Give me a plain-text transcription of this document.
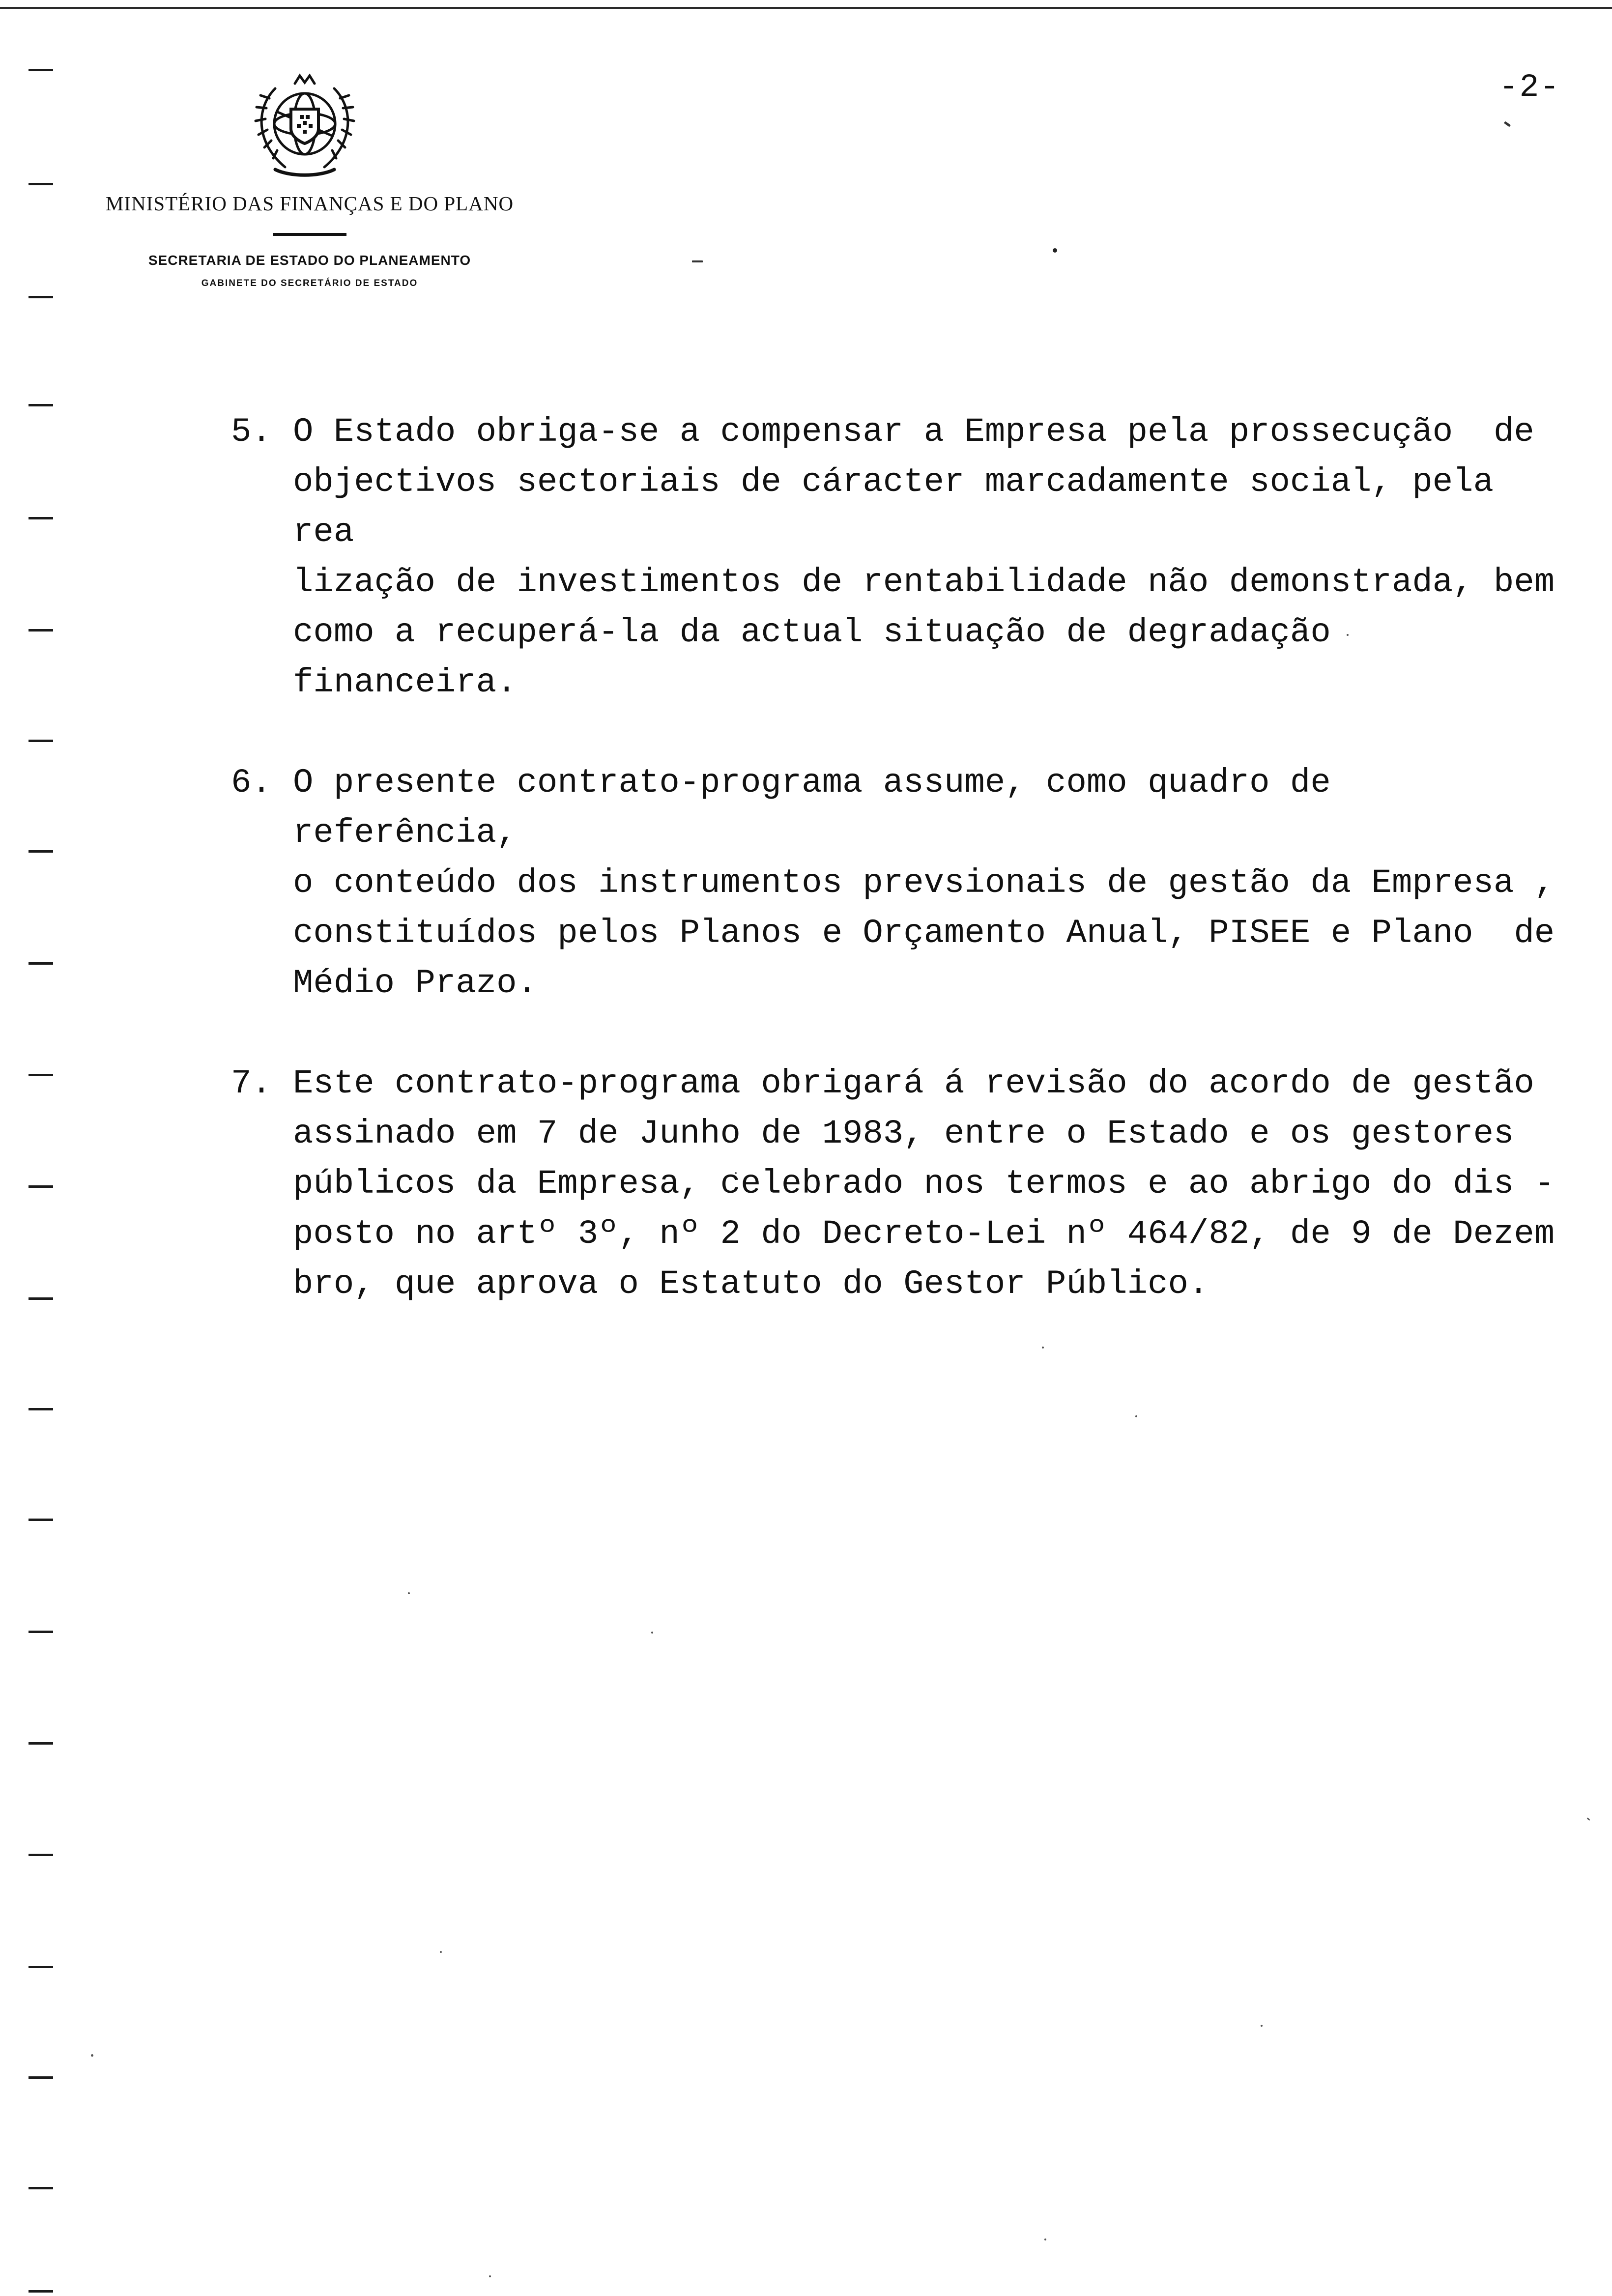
-2-
MINISTÉRIO DAS FINANÇAS E DO PLANO
SECRETARIA DE ESTADO DO PLANEAMENTO
GABINETE DO SECRETÁRIO DE ESTADO
5. O Estado obriga-se a compensar a Empresa pela prossecução  de
objectivos sectoriais de cáracter marcadamente social, pela rea
lização de investimentos de rentabilidade não demonstrada, bem
como a recuperá-la da actual situação de degradação financeira.
6. O presente contrato-programa assume, como quadro de referência,
o conteúdo dos instrumentos prevsionais de gestão da Empresa ,
constituídos pelos Planos e Orçamento Anual, PISEE e Plano  de
Médio Prazo.
7. Este contrato-programa obrigará á revisão do acordo de gestão
assinado em 7 de Junho de 1983, entre o Estado e os gestores
públicos da Empresa, celebrado nos termos e ao abrigo do dis -
posto no artº 3º, nº 2 do Decreto-Lei nº 464/82, de 9 de Dezem
bro, que aprova o Estatuto do Gestor Público.
